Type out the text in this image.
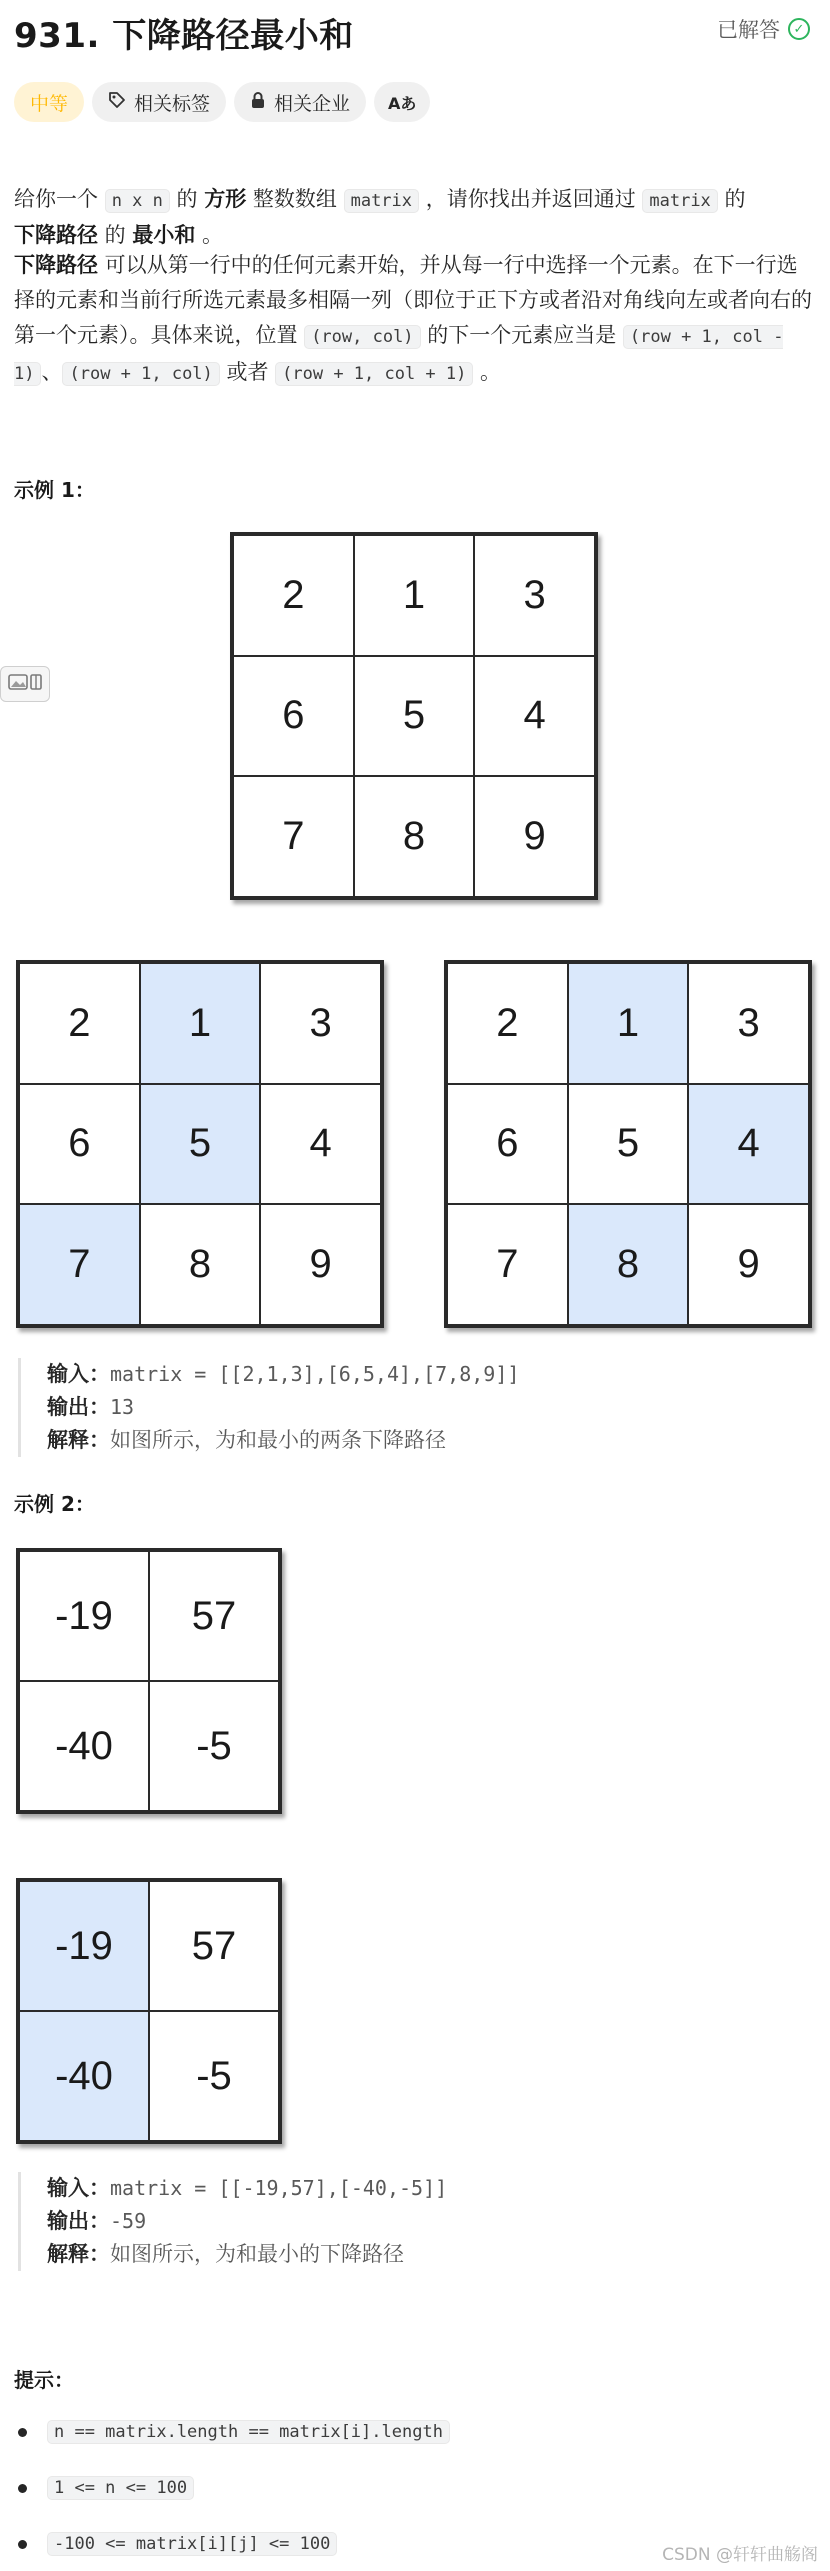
931. 下降路径最小和	已解答	✓
中等	相关标签	相关企业 Aあ
给你一个 n x n 的 方形 整数数组 matrix ，请你找出并返回通过 matrix 的
下降路径 的 最小和 。
下降路径 可以从第一行中的任何元素开始，并从每一行中选择一个元素。在下一行选择的元素和当前行所选元素最多相隔一列（即位于正下方或者沿对角线向左或者向右的第一个元素）。具体来说，位置 (row, col) 的下一个元素应当是 (row + 1, col - 1) 、 (row + 1, col) 或者 (row + 1, col + 1) 。
示例 1：
2	1	3
6	5	4
7	8	9
2	1	3
6	5	4
7	8	9
2	1	3
6	5	4
7	8	9
输入：matrix = [[2,1,3],[6,5,4],[7,8,9]]
输出：13
解释：如图所示，为和最小的两条下降路径
示例 2：
-19	57
-40	-5
-19	57
-40	-5
输入：matrix = [[-19,57],[-40,-5]]
输出：-59
解释：如图所示，为和最小的下降路径
提示：
n == matrix.length == matrix[i].length
1 <= n <= 100
-100 <= matrix[i][j] <= 100
CSDN @轩轩曲觞阁
